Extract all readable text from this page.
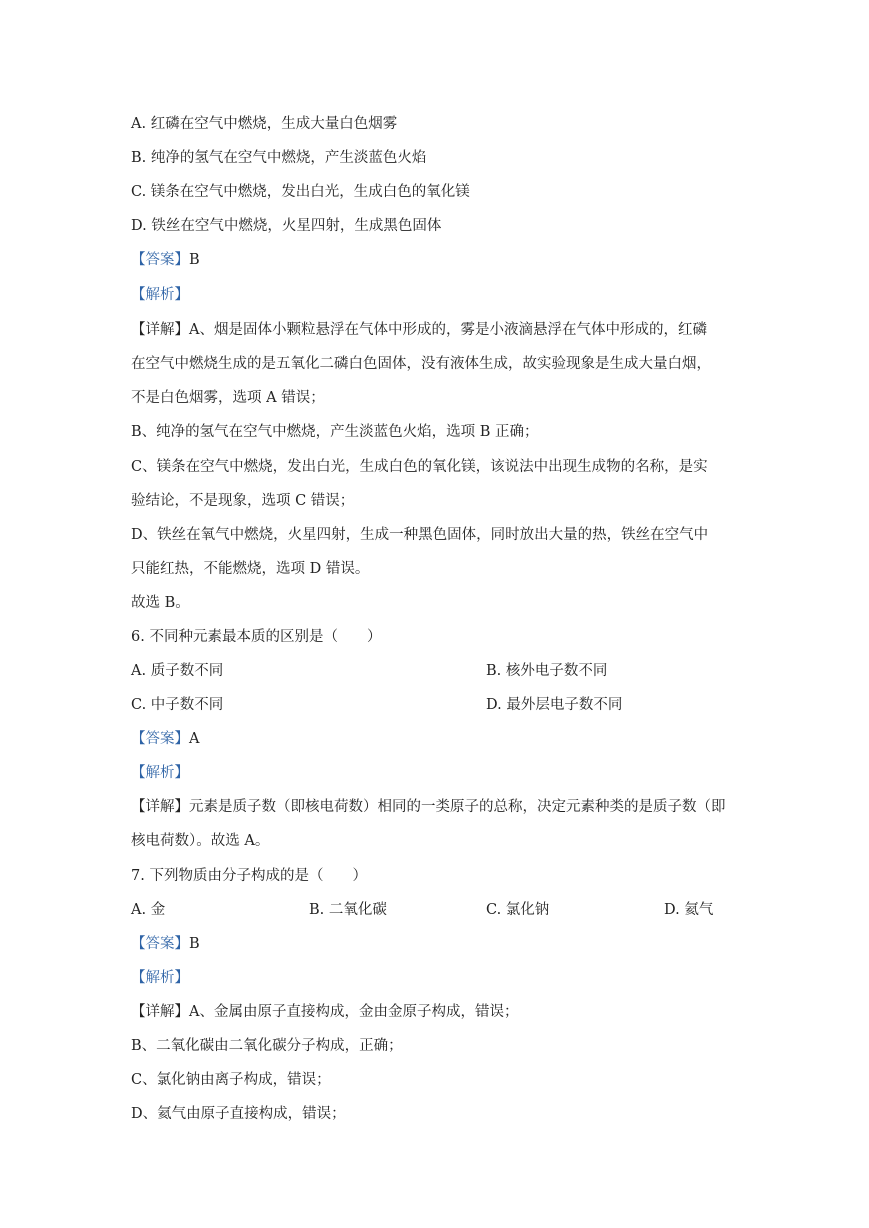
A. 红磷在空气中燃烧，生成大量白色烟雾
B. 纯净的氢气在空气中燃烧，产生淡蓝色火焰
C. 镁条在空气中燃烧，发出白光，生成白色的氧化镁
D. 铁丝在空气中燃烧，火星四射，生成黑色固体
【答案】B
【解析】
【详解】A、烟是固体小颗粒悬浮在气体中形成的，雾是小液滴悬浮在气体中形成的，红磷
在空气中燃烧生成的是五氧化二磷白色固体，没有液体生成，故实验现象是生成大量白烟，
不是白色烟雾，选项 A 错误；
B、纯净的氢气在空气中燃烧，产生淡蓝色火焰，选项 B 正确；
C、镁条在空气中燃烧，发出白光，生成白色的氧化镁，该说法中出现生成物的名称，是实
验结论，不是现象，选项 C 错误；
D、铁丝在氧气中燃烧，火星四射，生成一种黑色固体，同时放出大量的热，铁丝在空气中
只能红热，不能燃烧，选项 D 错误。
故选 B。
6. 不同种元素最本质的区别是（　　）
A. 质子数不同	B. 核外电子数不同
C. 中子数不同	D. 最外层电子数不同
【答案】A
【解析】
【详解】元素是质子数（即核电荷数）相同的一类原子的总称，决定元素种类的是质子数（即
核电荷数）。故选 A。
7. 下列物质由分子构成的是（　　）
A. 金	B. 二氧化碳	C. 氯化钠	D. 氦气
【答案】B
【解析】
【详解】A、金属由原子直接构成，金由金原子构成，错误；
B、二氧化碳由二氧化碳分子构成，正确；
C、氯化钠由离子构成，错误；
D、氦气由原子直接构成，错误；
